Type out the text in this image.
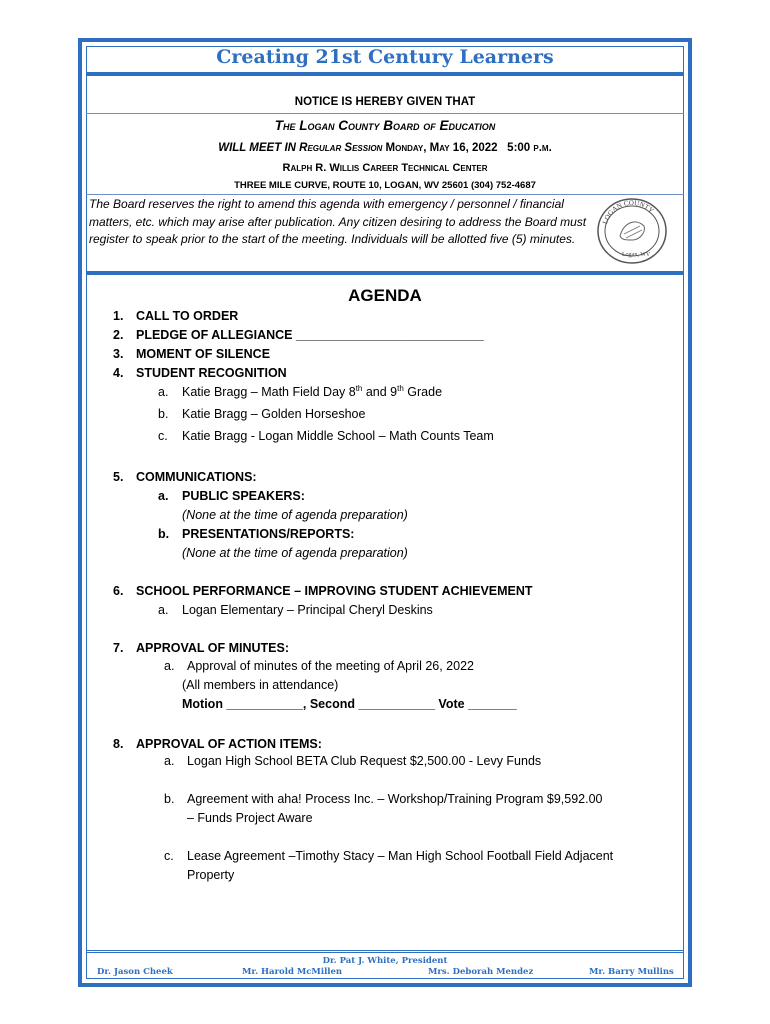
Creating 21st Century Learners
NOTICE IS HEREBY GIVEN THAT
The Logan County Board of Education
WILL MEET IN Regular Session Monday, May 16, 2022 5:00 p.m.
Ralph R. Willis Career Technical Center
THREE MILE CURVE, ROUTE 10, LOGAN, WV 25601 (304) 752-4687
The Board reserves the right to amend this agenda with emergency / personnel / financial matters, etc. which may arise after publication. Any citizen desiring to address the Board must register to speak prior to the start of the meeting. Individuals will be allotted five (5) minutes.
LOGAN COUNTY
Logan, WV
AGENDA
1. CALL TO ORDER
2. PLEDGE OF ALLEGIANCE ___________________________
3. MOMENT OF SILENCE
4. STUDENT RECOGNITION
a. Katie Bragg – Math Field Day 8th and 9th Grade
b. Katie Bragg – Golden Horseshoe
c. Katie Bragg - Logan Middle School – Math Counts Team
5. COMMUNICATIONS:
a. PUBLIC SPEAKERS:
(None at the time of agenda preparation)
b. PRESENTATIONS/REPORTS:
(None at the time of agenda preparation)
6. SCHOOL PERFORMANCE – IMPROVING STUDENT ACHIEVEMENT
a. Logan Elementary – Principal Cheryl Deskins
7. APPROVAL OF MINUTES:
a. Approval of minutes of the meeting of April 26, 2022
(All members in attendance)
Motion ___________, Second ___________ Vote _______
8. APPROVAL OF ACTION ITEMS:
a. Logan High School BETA Club Request $2,500.00 - Levy Funds
b. Agreement with aha! Process Inc. – Workshop/Training Program $9,592.00
– Funds Project Aware
c. Lease Agreement –Timothy Stacy – Man High School Football Field Adjacent
Property
Dr. Pat J. White, President
Dr. Jason Cheek	Mr. Harold McMillen	Mrs. Deborah Mendez	Mr. Barry Mullins
